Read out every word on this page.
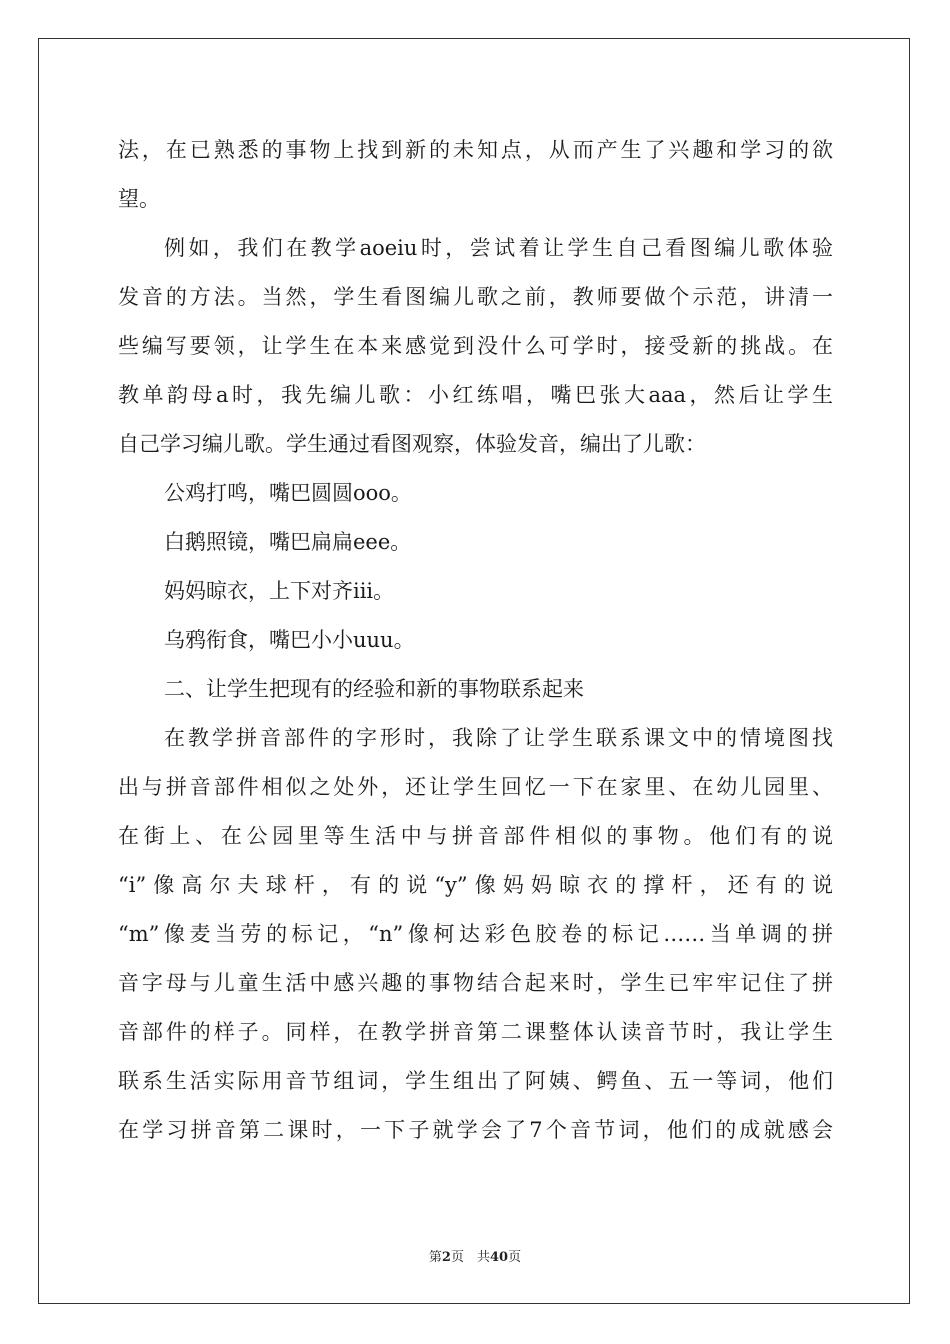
法，在已熟悉的事物上找到新的未知点，从而产生了兴趣和学习的欲
望。
例如，我们在教学aoeiu时，尝试着让学生自己看图编儿歌体验
发音的方法。当然，学生看图编儿歌之前，教师要做个示范，讲清一
些编写要领，让学生在本来感觉到没什么可学时，接受新的挑战。在
教单韵母a时，我先编儿歌：小红练唱，嘴巴张大aaa，然后让学生
自己学习编儿歌。学生通过看图观察，体验发音，编出了儿歌：
公鸡打鸣，嘴巴圆圆ooo。
白鹅照镜，嘴巴扁扁eee。
妈妈晾衣，上下对齐iii。
乌鸦衔食，嘴巴小小uuu。
二、让学生把现有的经验和新的事物联系起来
在教学拼音部件的字形时，我除了让学生联系课文中的情境图找
出与拼音部件相似之处外，还让学生回忆一下在家里、在幼儿园里、
在街上、在公园里等生活中与拼音部件相似的事物。他们有的说
“i”像高尔夫球杆，有的说“y”像妈妈晾衣的撑杆，还有的说
“m”像麦当劳的标记，“n”像柯达彩色胶卷的标记……当单调的拼
音字母与儿童生活中感兴趣的事物结合起来时，学生已牢牢记住了拼
音部件的样子。同样，在教学拼音第二课整体认读音节时，我让学生
联系生活实际用音节组词，学生组出了阿姨、鳄鱼、五一等词，他们
在学习拼音第二课时，一下子就学会了7个音节词，他们的成就感会
第2页　共40页
